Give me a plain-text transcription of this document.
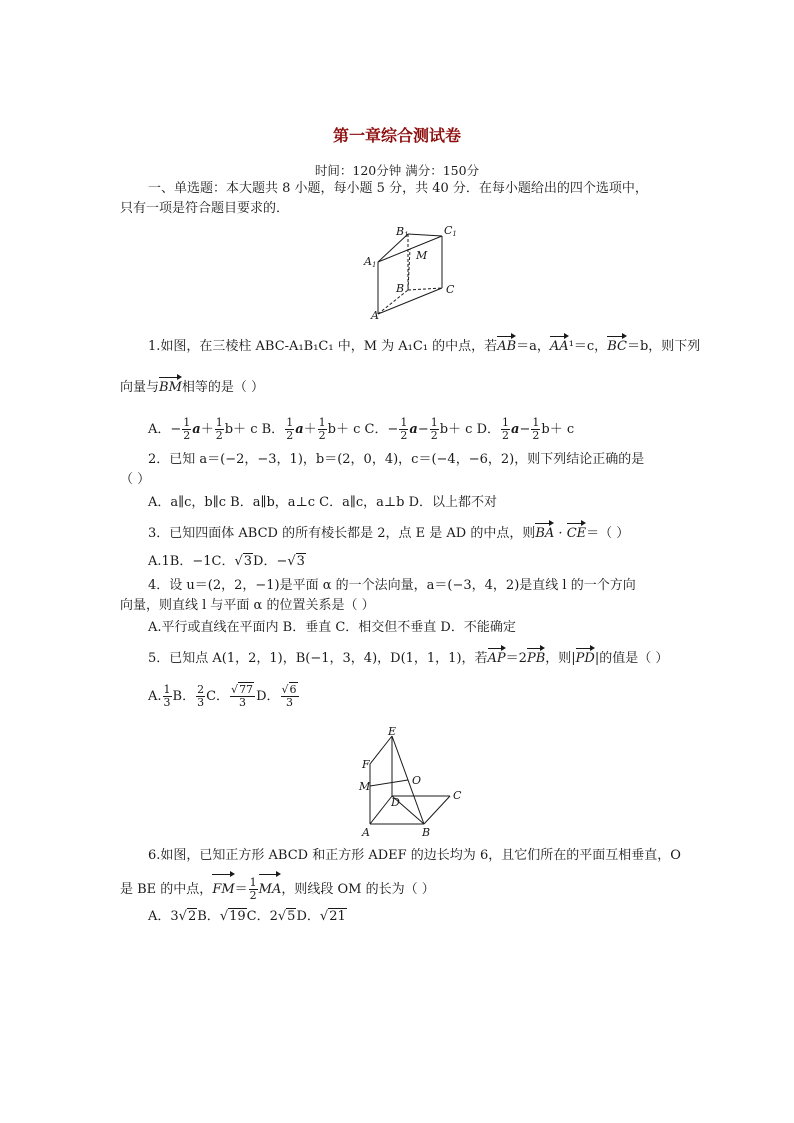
第一章综合测试卷
时间：120分钟 满分：150分
一、单选题：本大题共 8 小题，每小题 5 分，共 40 分．在每小题给出的四个选项中，
只有一项是符合题目要求的．
B1	C1
A1
M
B	C
A
1.如图，在三棱柱 ABC-A₁B₁C₁ 中，M 为 A₁C₁ 的中点，若AB＝a，AA¹＝c，BC＝b，则下列
向量与BM相等的是（ ）
A．− $\frac{1}{2} a+ \frac{1}{2} b+ c$ B． $\frac{1}{2} a+ \frac{1}{2} b+ c$ C．− $\frac{1}{2} a- \frac{1}{2} b+ c$ D． $\frac{1}{2} a- \frac{1}{2} b+ c$
2．已知 a＝(−2，−3，1)，b＝(2，0，4)，c＝(−4，−6，2)，则下列结论正确的是
（ ）
A．a∥c，b∥c B．a∥b，a⊥c C．a∥c，a⊥b D．以上都不对
3．已知四面体 ABCD 的所有棱长都是 2，点 E 是 AD 的中点，则BA · CE＝（ ）
A.1B．−1C．√3D．−√3
4．设 u＝(2，2，−1)是平面 α 的一个法向量，a＝(−3，4，2)是直线 l 的一个方向
向量，则直线 l 与平面 α 的位置关系是（ ）
A.平行或直线在平面内 B．垂直 C．相交但不垂直 D．不能确定
5．已知点 A(1，2，1)，B(−1，3，4)，D(1，1，1)，若AP＝2PB，则|PD|的值是（ ）
A. $\frac{1}{3}$ B． $\frac{2}{3}$ C． $\frac{√77}{3}$ D． $\frac{√6}{3}$
E
F
M	O
D
C
A	B
6.如图，已知正方形 ABCD 和正方形 ADEF 的边长均为 6，且它们所在的平面互相垂直，O
是 BE 的中点，$FM= \frac{1}{2}$ MA，则线段 OM 的长为（ ）
A．3√2B．√19C．2√5D．√21
